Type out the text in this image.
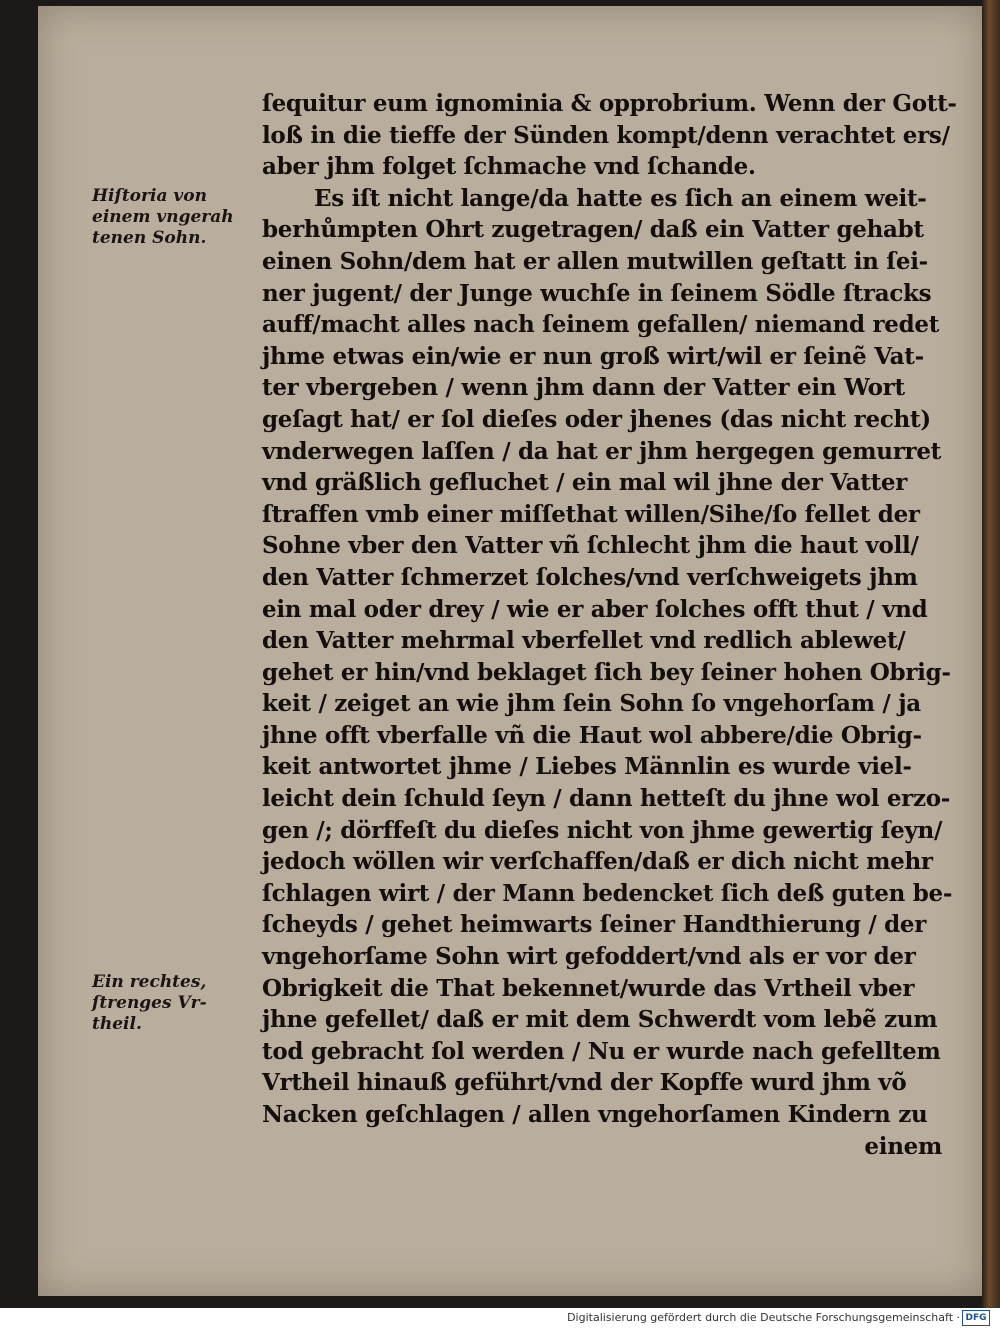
Hiſtoria von
einem vngerah
tenen Sohn.
Ein rechtes,
ſtrenges Vr-
theil.
ſequitur eum ignominia & opprobrium. Wenn der Gott-
loß in die tieffe der Sünden kompt/denn verachtet ers/
aber jhm folget ſchmache vnd ſchande.
Es iſt nicht lange/da hatte es ſich an einem weit-
berhůmpten Ohrt zugetragen/ daß ein Vatter gehabt
einen Sohn/dem hat er allen mutwillen geſtatt in ſei-
ner jugent/ der Junge wuchſe in ſeinem Södle ſtracks
auff/macht alles nach ſeinem gefallen/ niemand redet
jhme etwas ein/wie er nun groß wirt/wil er ſeinẽ Vat-
ter vbergeben / wenn jhm dann der Vatter ein Wort
geſagt hat/ er ſol dieſes oder jhenes (das nicht recht)
vnderwegen laſſen / da hat er jhm hergegen gemurret
vnd gräßlich gefluchet / ein mal wil jhne der Vatter
ſtraffen vmb einer miſſethat willen/Sihe/ſo fellet der
Sohne vber den Vatter vñ ſchlecht jhm die haut voll/
den Vatter ſchmerzet ſolches/vnd verſchweigets jhm
ein mal oder drey / wie er aber ſolches offt thut / vnd
den Vatter mehrmal vberfellet vnd redlich ablewet/
gehet er hin/vnd beklaget ſich bey ſeiner hohen Obrig-
keit / zeiget an wie jhm ſein Sohn ſo vngehorſam / ja
jhne offt vberfalle vñ die Haut wol abbere/die Obrig-
keit antwortet jhme / Liebes Männlin es wurde viel-
leicht dein ſchuld ſeyn / dann hetteſt du jhne wol erzo-
gen /; dörffeſt du dieſes nicht von jhme gewertig ſeyn/
jedoch wöllen wir verſchaffen/daß er dich nicht mehr
ſchlagen wirt / der Mann bedencket ſich deß guten be-
ſcheyds / gehet heimwarts ſeiner Handthierung / der
vngehorſame Sohn wirt gefoddert/vnd als er vor der
Obrigkeit die That bekennet/wurde das Vrtheil vber
jhne gefellet/ daß er mit dem Schwerdt vom lebẽ zum
tod gebracht ſol werden / Nu er wurde nach gefelltem
Vrtheil hinauß geführt/vnd der Kopffe wurd jhm võ
Nacken geſchlagen / allen vngehorſamen Kindern zu
einem
Digitalisierung gefördert durch die Deutsche Forschungsgemeinschaft · DFG
